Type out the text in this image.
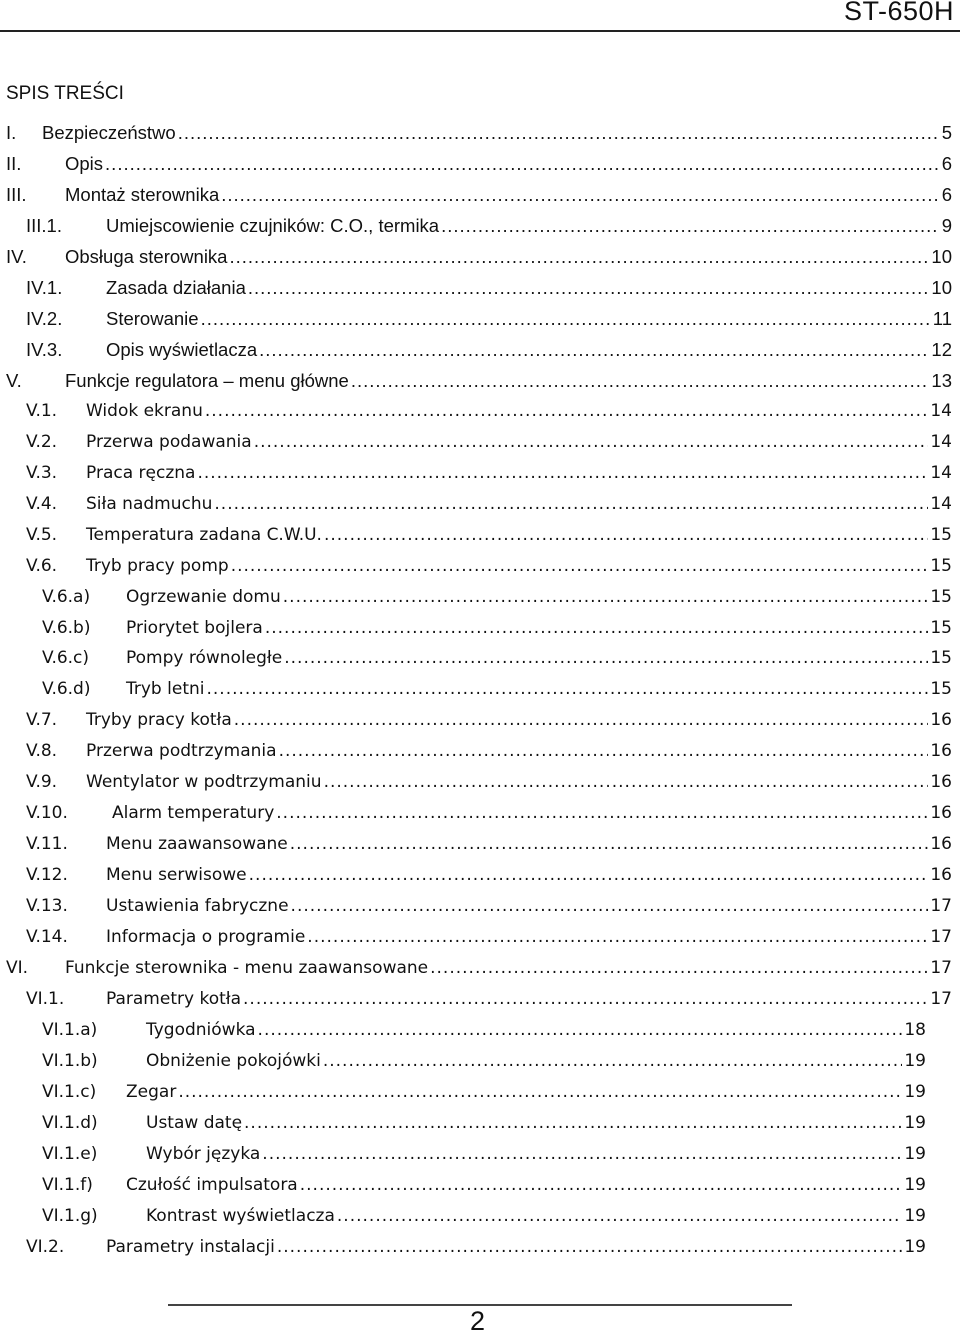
ST-650H
SPIS TREŚCI
I.	Bezpieczeństwo .....	5
II.	Opis .....	6
III.	Montaż sterownika .....	6
III.1.	Umiejscowienie czujników: C.O., termika .....	9
IV.	Obsługa sterownika .....	10
IV.1.	Zasada działania .....	10
IV.2.	Sterowanie .....	11
IV.3.	Opis wyświetlacza .....	12
V.	Funkcje regulatora – menu główne .....	13
V.1.	Widok ekranu .....	14
V.2.	Przerwa podawania .....	14
V.3.	Praca ręczna .....	14
V.4.	Siła nadmuchu .....	14
V.5.	Temperatura zadana C.W.U. .....	15
V.6.	Tryb pracy pomp .....	15
V.6.a)	Ogrzewanie domu .....	15
V.6.b)	Priorytet bojlera .....	15
V.6.c)	Pompy równoległe .....	15
V.6.d)	Tryb letni .....	15
V.7.	Tryby pracy kotła .....	16
V.8.	Przerwa podtrzymania .....	16
V.9.	Wentylator w podtrzymaniu .....	16
V.10.	Alarm temperatury .....	16
V.11.	Menu zaawansowane .....	16
V.12.	Menu serwisowe .....	16
V.13.	Ustawienia fabryczne .....	17
V.14.	Informacja o programie .....	17
VI.	Funkcje sterownika - menu zaawansowane .....	17
VI.1.	Parametry kotła .....	17
VI.1.a)	Tygodniówka .....	18
VI.1.b)	Obniżenie pokojówki .....	19
VI.1.c)	Zegar .....	19
VI.1.d)	Ustaw datę .....	19
VI.1.e)	Wybór języka .....	19
VI.1.f)	Czułość impulsatora .....	19
VI.1.g)	Kontrast wyświetlacza .....	19
VI.2.	Parametry instalacji .....	19
2
